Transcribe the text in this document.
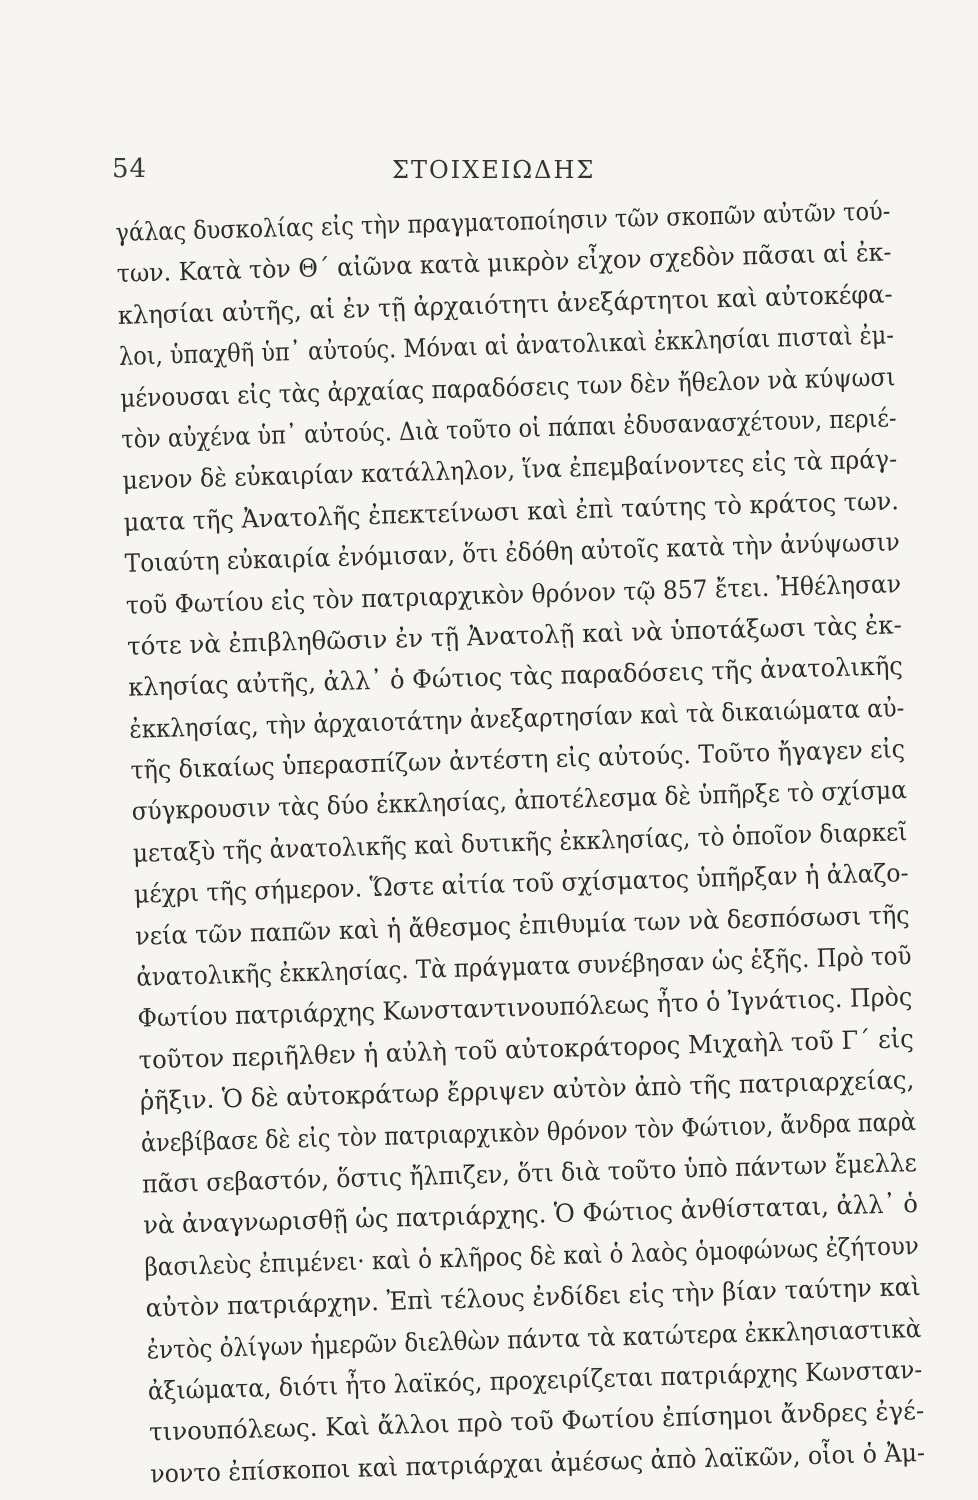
54	ΣΤΟΙΧΕΙΩΔΗΣ
γάλας δυσκολίας εἰς τὴν πραγματοποίησιν τῶν σκοπῶν αὐτῶν τού-
των. Κατὰ τὸν Θ΄ αἰῶνα κατὰ μικρὸν εἶχον σχεδὸν πᾶσαι αἱ ἐκ-
κλησίαι αὐτῆς, αἱ ἐν τῇ ἀρχαιότητι ἀνεξάρτητοι καὶ αὐτοκέφα-
λοι, ὑπαχθῆ ὑπ᾽ αὐτούς. Μόναι αἱ ἀνατολικαὶ ἐκκλησίαι πισταὶ ἐμ-
μένουσαι εἰς τὰς ἀρχαίας παραδόσεις των δὲν ἤθελον νὰ κύψωσι
τὸν αὐχένα ὑπ᾽ αὐτούς. Διὰ τοῦτο οἱ πάπαι ἐδυσανασχέτουν, περιέ-
μενον δὲ εὐκαιρίαν κατάλληλον, ἵνα ἐπεμβαίνοντες εἰς τὰ πράγ-
ματα τῆς Ἀνατολῆς ἐπεκτείνωσι καὶ ἐπὶ ταύτης τὸ κράτος των.
Τοιαύτη εὐκαιρία ἐνόμισαν, ὅτι ἐδόθη αὐτοῖς κατὰ τὴν ἀνύψωσιν
τοῦ Φωτίου εἰς τὸν πατριαρχικὸν θρόνον τῷ 857 ἔτει. Ἠθέλησαν
τότε νὰ ἐπιβληθῶσιν ἐν τῇ Ἀνατολῇ καὶ νὰ ὑποτάξωσι τὰς ἐκ-
κλησίας αὐτῆς, ἀλλ᾽ ὁ Φώτιος τὰς παραδόσεις τῆς ἀνατολικῆς
ἐκκλησίας, τὴν ἀρχαιοτάτην ἀνεξαρτησίαν καὶ τὰ δικαιώματα αὐ-
τῆς δικαίως ὑπερασπίζων ἀντέστη εἰς αὐτούς. Τοῦτο ἤγαγεν εἰς
σύγκρουσιν τὰς δύο ἐκκλησίας, ἀποτέλεσμα δὲ ὑπῆρξε τὸ σχίσμα
μεταξὺ τῆς ἀνατολικῆς καὶ δυτικῆς ἐκκλησίας, τὸ ὁποῖον διαρκεῖ
μέχρι τῆς σήμερον. Ὥστε αἰτία τοῦ σχίσματος ὑπῆρξαν ἡ ἀλαζο-
νεία τῶν παπῶν καὶ ἡ ἄθεσμος ἐπιθυμία των νὰ δεσπόσωσι τῆς
ἀνατολικῆς ἐκκλησίας. Τὰ πράγματα συνέβησαν ὡς ἑξῆς. Πρὸ τοῦ
Φωτίου πατριάρχης Κωνσταντινουπόλεως ἦτο ὁ Ἰγνάτιος. Πρὸς
τοῦτον περιῆλθεν ἡ αὐλὴ τοῦ αὐτοκράτορος Μιχαὴλ τοῦ Γ΄ εἰς
ῥῆξιν. Ὁ δὲ αὐτοκράτωρ ἔρριψεν αὐτὸν ἀπὸ τῆς πατριαρχείας,
ἀνεβίβασε δὲ εἰς τὸν πατριαρχικὸν θρόνον τὸν Φώτιον, ἄνδρα παρὰ
πᾶσι σεβαστόν, ὅστις ἤλπιζεν, ὅτι διὰ τοῦτο ὑπὸ πάντων ἔμελλε
νὰ ἀναγνωρισθῇ ὡς πατριάρχης. Ὁ Φώτιος ἀνθίσταται, ἀλλ᾽ ὁ
βασιλεὺς ἐπιμένει· καὶ ὁ κλῆρος δὲ καὶ ὁ λαὸς ὁμοφώνως ἐζήτουν
αὐτὸν πατριάρχην. Ἐπὶ τέλους ἐνδίδει εἰς τὴν βίαν ταύτην καὶ
ἐντὸς ὀλίγων ἡμερῶν διελθὼν πάντα τὰ κατώτερα ἐκκλησιαστικὰ
ἀξιώματα, διότι ἦτο λαϊκός, προχειρίζεται πατριάρχης Κωνσταν-
τινουπόλεως. Καὶ ἄλλοι πρὸ τοῦ Φωτίου ἐπίσημοι ἄνδρες ἐγέ-
νοντο ἐπίσκοποι καὶ πατριάρχαι ἀμέσως ἀπὸ λαϊκῶν, οἷοι ὁ Ἀμ-
